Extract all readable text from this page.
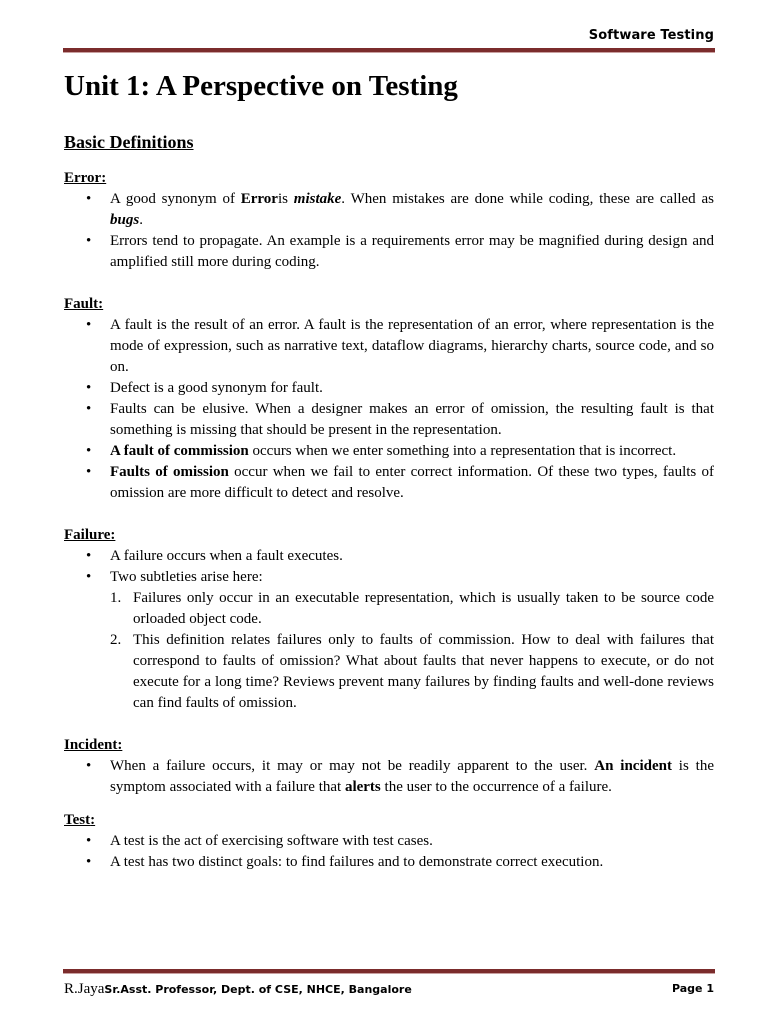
Software Testing
Unit 1: A Perspective on Testing
Basic Definitions

Error:

• A good synonym of Erroris mistake. When mistakes are done while coding, these are called as bugs.
• Errors tend to propagate. An example is a requirements error may be magnified during design and amplified still more during coding.

Fault:

• A fault is the result of an error. A fault is the representation of an error, where representation is the mode of expression, such as narrative text, dataflow diagrams, hierarchy charts, source code, and so on.
• Defect is a good synonym for fault.
• Faults can be elusive. When a designer makes an error of omission, the resulting fault is that something is missing that should be present in the representation.
• A fault of commission occurs when we enter something into a representation that is incorrect.
• Faults of omission occur when we fail to enter correct information. Of these two types, faults of omission are more difficult to detect and resolve.

Failure:

• A failure occurs when a fault executes.
• Two subtleties arise here:
1. Failures only occur in an executable representation, which is usually taken to be source code orloaded object code.
2. This definition relates failures only to faults of commission. How to deal with failures that correspond to faults of omission? What about faults that never happens to execute, or do not execute for a long time? Reviews prevent many failures by finding faults and well-done reviews can find faults of omission.

Incident:

• When a failure occurs, it may or may not be readily apparent to the user. An incident is the symptom associated with a failure that alerts the user to the occurrence of a failure.

Test:

• A test is the act of exercising software with test cases.
• A test has two distinct goals: to find failures and to demonstrate correct execution.
R.JayaSr.Asst. Professor, Dept. of CSE, NHCE, Bangalore	Page 1
